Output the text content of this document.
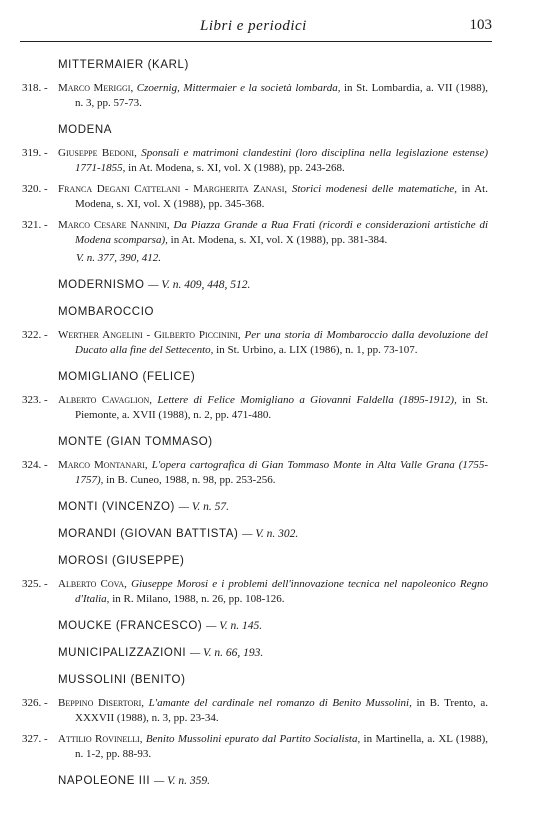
Libri e periodici	103
MITTERMAIER (KARL)
318. - Marco Meriggi, Czoernig, Mittermaier e la società lombarda, in St. Lombardia, a. VII (1988), n. 3, pp. 57-73.
MODENA
319. - Giuseppe Bedoni, Sponsali e matrimoni clandestini (loro disciplina nella legislazione estense) 1771-1855, in At. Modena, s. XI, vol. X (1988), pp. 243-268.
320. - Franca Degani Cattelani - Margherita Zanasi, Storici modenesi delle matematiche, in At. Modena, s. XI, vol. X (1988), pp. 345-368.
321. - Marco Cesare Nannini, Da Piazza Grande a Rua Frati (ricordi e considerazioni artistiche di Modena scomparsa), in At. Modena, s. XI, vol. X (1988), pp. 381-384.
V. n. 377, 390, 412.
MODERNISMO — V. n. 409, 448, 512.
MOMBAROCCIO
322. - Werther Angelini - Gilberto Piccinini, Per una storia di Mombaroccio dalla devoluzione del Ducato alla fine del Settecento, in St. Urbino, a. LIX (1986), n. 1, pp. 73-107.
MOMIGLIANO (FELICE)
323. - Alberto Cavaglion, Lettere di Felice Momigliano a Giovanni Faldella (1895-1912), in St. Piemonte, a. XVII (1988), n. 2, pp. 471-480.
MONTE (GIAN TOMMASO)
324. - Marco Montanari, L'opera cartografica di Gian Tommaso Monte in Alta Valle Grana (1755-1757), in B. Cuneo, 1988, n. 98, pp. 253-256.
MONTI (VINCENZO) — V. n. 57.
MORANDI (GIOVAN BATTISTA) — V. n. 302.
MOROSI (GIUSEPPE)
325. - Alberto Cova, Giuseppe Morosi e i problemi dell'innovazione tecnica nel napoleonico Regno d'Italia, in R. Milano, 1988, n. 26, pp. 108-126.
MOUCKE (FRANCESCO) — V. n. 145.
MUNICIPALIZZAZIONI — V. n. 66, 193.
MUSSOLINI (BENITO)
326. - Beppino Disertori, L'amante del cardinale nel romanzo di Benito Mussolini, in B. Trento, a. XXXVII (1988), n. 3, pp. 23-34.
327. - Attilio Rovinelli, Benito Mussolini epurato dal Partito Socialista, in Martinella, a. XL (1988), n. 1-2, pp. 88-93.
NAPOLEONE III — V. n. 359.
